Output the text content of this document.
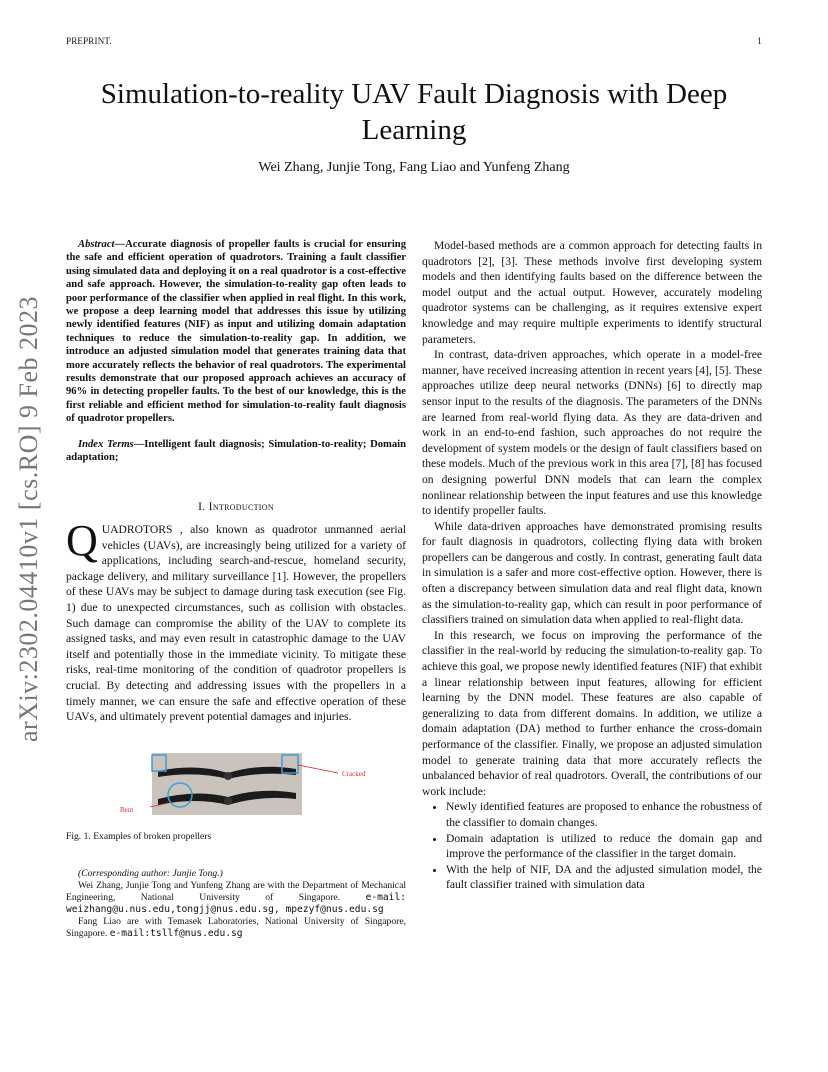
PREPRINT.	1
Simulation-to-reality UAV Fault Diagnosis with Deep Learning
Wei Zhang, Junjie Tong, Fang Liao and Yunfeng Zhang
arXiv:2302.04410v1 [cs.RO] 9 Feb 2023

Abstract—Accurate diagnosis of propeller faults is crucial for ensuring the safe and efficient operation of quadrotors. Training a fault classifier using simulated data and deploying it on a real quadrotor is a cost-effective and safe approach. However, the simulation-to-reality gap often leads to poor performance of the classifier when applied in real flight. In this work, we propose a deep learning model that addresses this issue by utilizing newly identified features (NIF) as input and utilizing domain adaptation techniques to reduce the simulation-to-reality gap. In addition, we introduce an adjusted simulation model that generates training data that more accurately reflects the behavior of real quadrotors. The experimental results demonstrate that our proposed approach achieves an accuracy of 96% in detecting propeller faults. To the best of our knowledge, this is the first reliable and efficient method for simulation-to-reality fault diagnosis of quadrotor propellers.

Index Terms—Intelligent fault diagnosis; Simulation-to-reality; Domain adaptation;

I. Introduction

QUADROTORS , also known as quadrotor unmanned aerial vehicles (UAVs), are increasingly being utilized for a variety of applications, including search-and-rescue, homeland security, package delivery, and military surveillance [1]. However, the propellers of these UAVs may be subject to damage during task execution (see Fig. 1) due to unexpected circumstances, such as collision with obstacles. Such damage can compromise the ability of the UAV to complete its assigned tasks, and may even result in catastrophic damage to the UAV itself and potentially those in the immediate vicinity. To mitigate these risks, real-time monitoring of the condition of quadrotor propellers is crucial. By detecting and addressing issues with the propellers in a timely manner, we can ensure the safe and effective operation of these UAVs, and ultimately prevent potential damages and injuries.

Cracked
Bent
Fig. 1. Examples of broken propellers

(Corresponding author: Junjie Tong.)

Wei Zhang, Junjie Tong and Yunfeng Zhang are with the Department of Mechanical Engineering, National University of Singapore.	e-mail: weizhang@u.nus.edu,tongjj@nus.edu.sg, mpezyf@nus.edu.sg

Fang Liao are with Temasek Laboratories, National University of Singapore, Singapore. e-mail:tsllf@nus.edu.sg

Model-based methods are a common approach for detecting faults in quadrotors [2], [3]. These methods involve first developing system models and then identifying faults based on the difference between the model output and the actual output. However, accurately modeling quadrotor systems can be challenging, as it requires extensive expert knowledge and may require multiple experiments to identify structural parameters.

In contrast, data-driven approaches, which operate in a model-free manner, have received increasing attention in recent years [4], [5]. These approaches utilize deep neural networks (DNNs) [6] to directly map sensor input to the results of the diagnosis. The parameters of the DNNs are learned from real-world flying data. As they are data-driven and work in an end-to-end fashion, such approaches do not require the development of system models or the design of fault classifiers based on these models. Much of the previous work in this area [7], [8] has focused on designing powerful DNN models that can learn the complex nonlinear relationship between the input features and use this knowledge to identify propeller faults.

While data-driven approaches have demonstrated promising results for fault diagnosis in quadrotors, collecting flying data with broken propellers can be dangerous and costly. In contrast, generating fault data in simulation is a safer and more cost-effective option. However, there is often a discrepancy between simulation data and real flight data, known as the simulation-to-reality gap, which can result in poor performance of classifiers trained on simulation data when applied to real-flight data.

In this research, we focus on improving the performance of the classifier in the real-world by reducing the simulation-to-reality gap. To achieve this goal, we propose newly identified features (NIF) that exhibit a linear relationship between input features, allowing for efficient learning by the DNN model. These features are also capable of generalizing to data from different domains. In addition, we utilize a domain adaptation (DA) method to further enhance the cross-domain performance of the classifier. Finally, we propose an adjusted simulation model to generate training data that more accurately reflects the unbalanced behavior of real quadrotors. Overall, the contributions of our work include:

• Newly identified features are proposed to enhance the robustness of the classifier to domain changes.
• Domain adaptation is utilized to reduce the domain gap and improve the performance of the classifier in the target domain.
• With the help of NIF, DA and the adjusted simulation model, the fault classifier trained with simulation data
